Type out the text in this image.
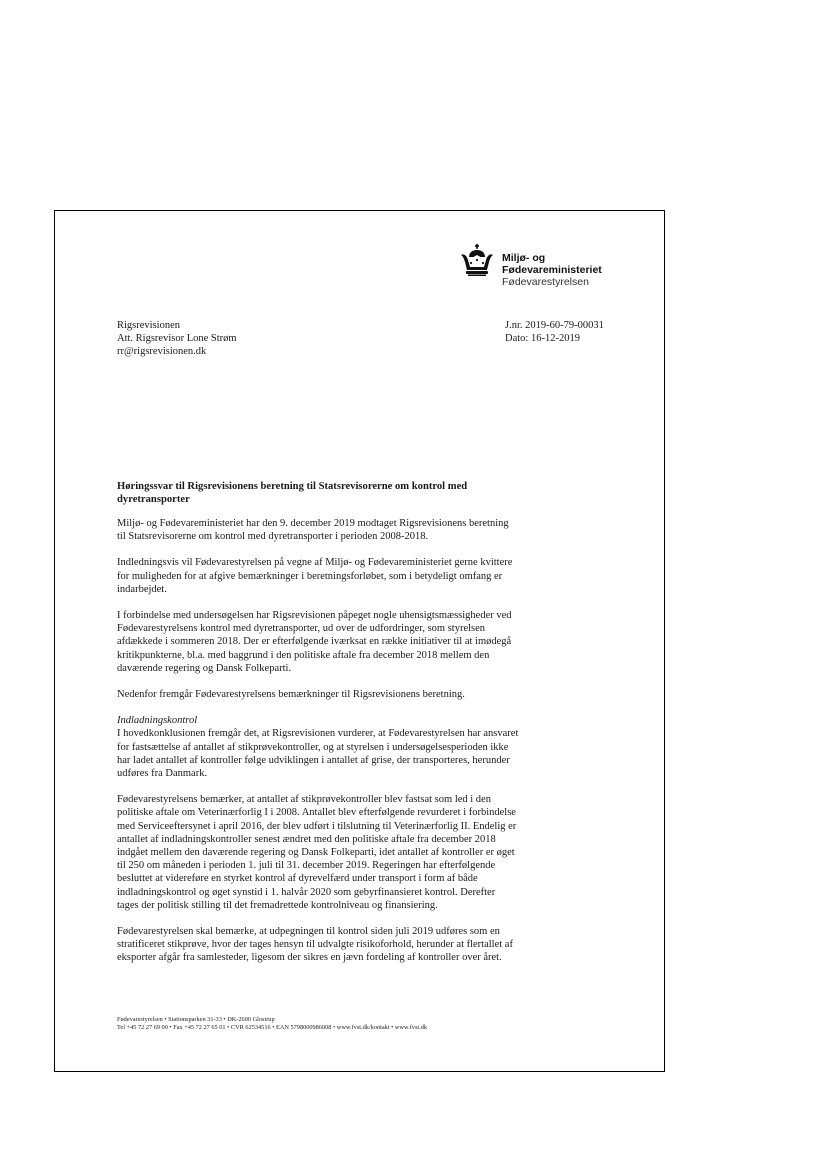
Miljø- og
Fødevareministeriet
Fødevarestyrelsen
Rigsrevisionen
Att. Rigsrevisor Lone Strøm
rr@rigsrevisionen.dk
J.nr. 2019-60-79-00031
Dato: 16-12-2019
Høringssvar til Rigsrevisionens beretning til Statsrevisorerne om kontrol med dyretransporter

Miljø- og Fødevareministeriet har den 9. december 2019 modtaget Rigsrevisionens beretning til Statsrevisorerne om kontrol med dyretransporter i perioden 2008-2018.

Indledningsvis vil Fødevarestyrelsen på vegne af Miljø- og Fødevareministeriet gerne kvittere for muligheden for at afgive bemærkninger i beretningsforløbet, som i betydeligt omfang er indarbejdet.

I forbindelse med undersøgelsen har Rigsrevisionen påpeget nogle uhensigtsmæssigheder ved Fødevarestyrelsens kontrol med dyretransporter, ud over de udfordringer, som styrelsen afdækkede i sommeren 2018. Der er efterfølgende iværksat en række initiativer til at imødegå kritikpunkterne, bl.a. med baggrund i den politiske aftale fra december 2018 mellem den daværende regering og Dansk Folkeparti.

Nedenfor fremgår Fødevarestyrelsens bemærkninger til Rigsrevisionens beretning.

Indladningskontrol

I hovedkonklusionen fremgår det, at Rigsrevisionen vurderer, at Fødevarestyrelsen har ansvaret for fastsættelse af antallet af stikprøvekontroller, og at styrelsen i undersøgelsesperioden ikke har ladet antallet af kontroller følge udviklingen i antallet af grise, der transporteres, herunder udføres fra Danmark.

Fødevarestyrelsens bemærker, at antallet af stikprøvekontroller blev fastsat som led i den politiske aftale om Veterinærforlig I i 2008. Antallet blev efterfølgende revurderet i forbindelse med Serviceeftersynet i april 2016, der blev udført i tilslutning til Veterinærforlig II. Endelig er antallet af indladningskontroller senest ændret med den politiske aftale fra december 2018 indgået mellem den daværende regering og Dansk Folkeparti, idet antallet af kontroller er øget til 250 om måneden i perioden 1. juli til 31. december 2019. Regeringen har efterfølgende besluttet at videreføre en styrket kontrol af dyrevelfærd under transport i form af både indladningskontrol og øget synstid i 1. halvår 2020 som gebyrfinansieret kontrol. Derefter tages der politisk stilling til det fremadrettede kontrolniveau og finansiering.

Fødevarestyrelsen skal bemærke, at udpegningen til kontrol siden juli 2019 udføres som en stratificeret stikprøve, hvor der tages hensyn til udvalgte risikoforhold, herunder at flertallet af eksporter afgår fra samlesteder, ligesom der sikres en jævn fordeling af kontroller over året.

Fødevarestyrelsen • Stationsparken 31-33 • DK-2600 Glostrup
Tel +45 72 27 69 00 • Fax +45 72 27 65 01 • CVR 62534516 • EAN 5798000986008 • www.fvst.dk/kontakt • www.fvst.dk
